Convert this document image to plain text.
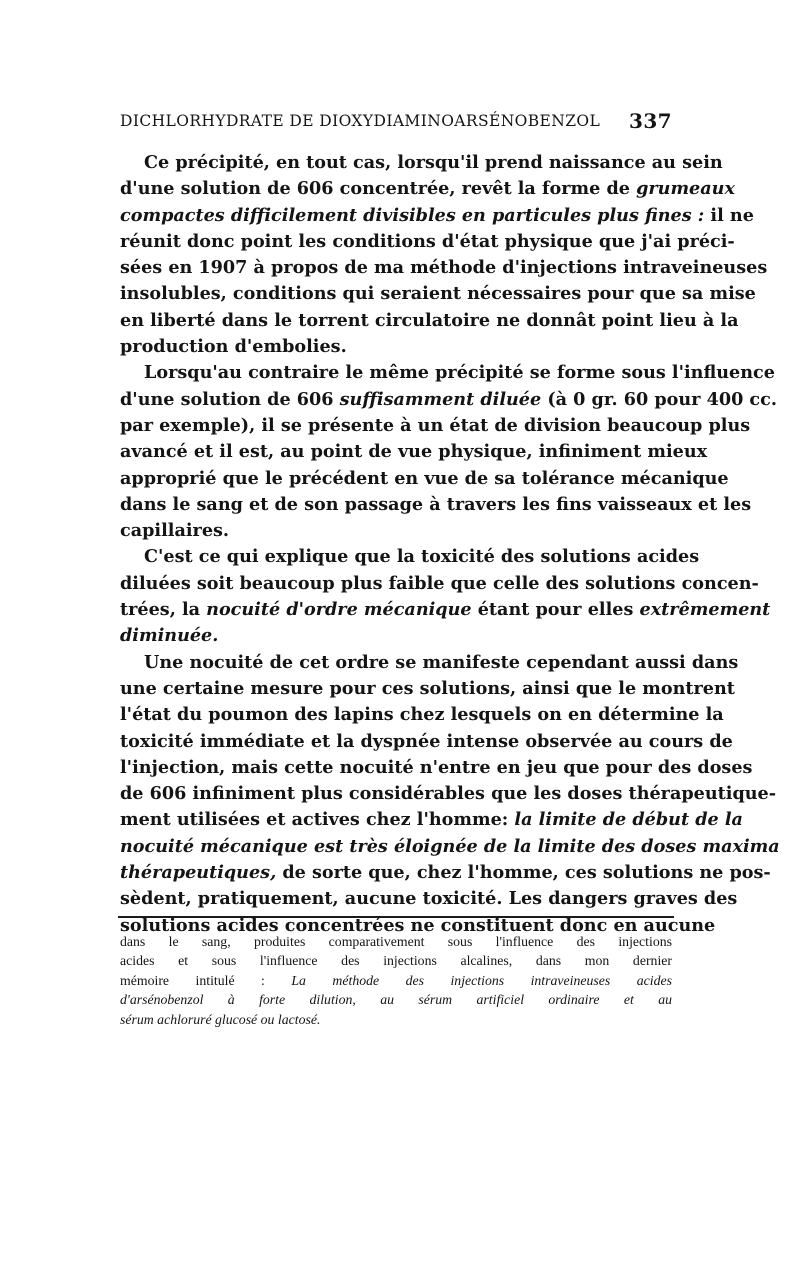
DICHLORHYDRATE DE DIOXYDIAMINOARSÉNOBENZOL 337

Ce précipité, en tout cas, lorsqu'il prend naissance au sein
d'une solution de 606 concentrée, revêt la forme de grumeaux
compactes difficilement divisibles en particules plus fines : il ne
réunit donc point les conditions d'état physique que j'ai préci-
sées en 1907 à propos de ma méthode d'injections intraveineuses
insolubles, conditions qui seraient nécessaires pour que sa mise
en liberté dans le torrent circulatoire ne donnât point lieu à la
production d'embolies.

Lorsqu'au contraire le même précipité se forme sous l'influence
d'une solution de 606 suffisamment diluée (à 0 gr. 60 pour 400 cc.
par exemple), il se présente à un état de division beaucoup plus
avancé et il est, au point de vue physique, infiniment mieux
approprié que le précédent en vue de sa tolérance mécanique
dans le sang et de son passage à travers les fins vaisseaux et les
capillaires.

C'est ce qui explique que la toxicité des solutions acides
diluées soit beaucoup plus faible que celle des solutions concen-
trées, la nocuité d'ordre mécanique étant pour elles extrêmement
diminuée.

Une nocuité de cet ordre se manifeste cependant aussi dans
une certaine mesure pour ces solutions, ainsi que le montrent
l'état du poumon des lapins chez lesquels on en détermine la
toxicité immédiate et la dyspnée intense observée au cours de
l'injection, mais cette nocuité n'entre en jeu que pour des doses
de 606 infiniment plus considérables que les doses thérapeutique-
ment utilisées et actives chez l'homme: la limite de début de la
nocuité mécanique est très éloignée de la limite des doses maxima
thérapeutiques, de sorte que, chez l'homme, ces solutions ne pos-
sèdent, pratiquement, aucune toxicité. Les dangers graves des
solutions acides concentrées ne constituent donc en aucune

dans le sang, produites comparativement sous l'influence des injections
acides et sous l'influence des injections alcalines, dans mon dernier
mémoire intitulé : La méthode des injections intraveineuses acides
d'arsénobenzol à forte dilution, au sérum artificiel ordinaire et au
sérum achloruré glucosé ou lactosé.
